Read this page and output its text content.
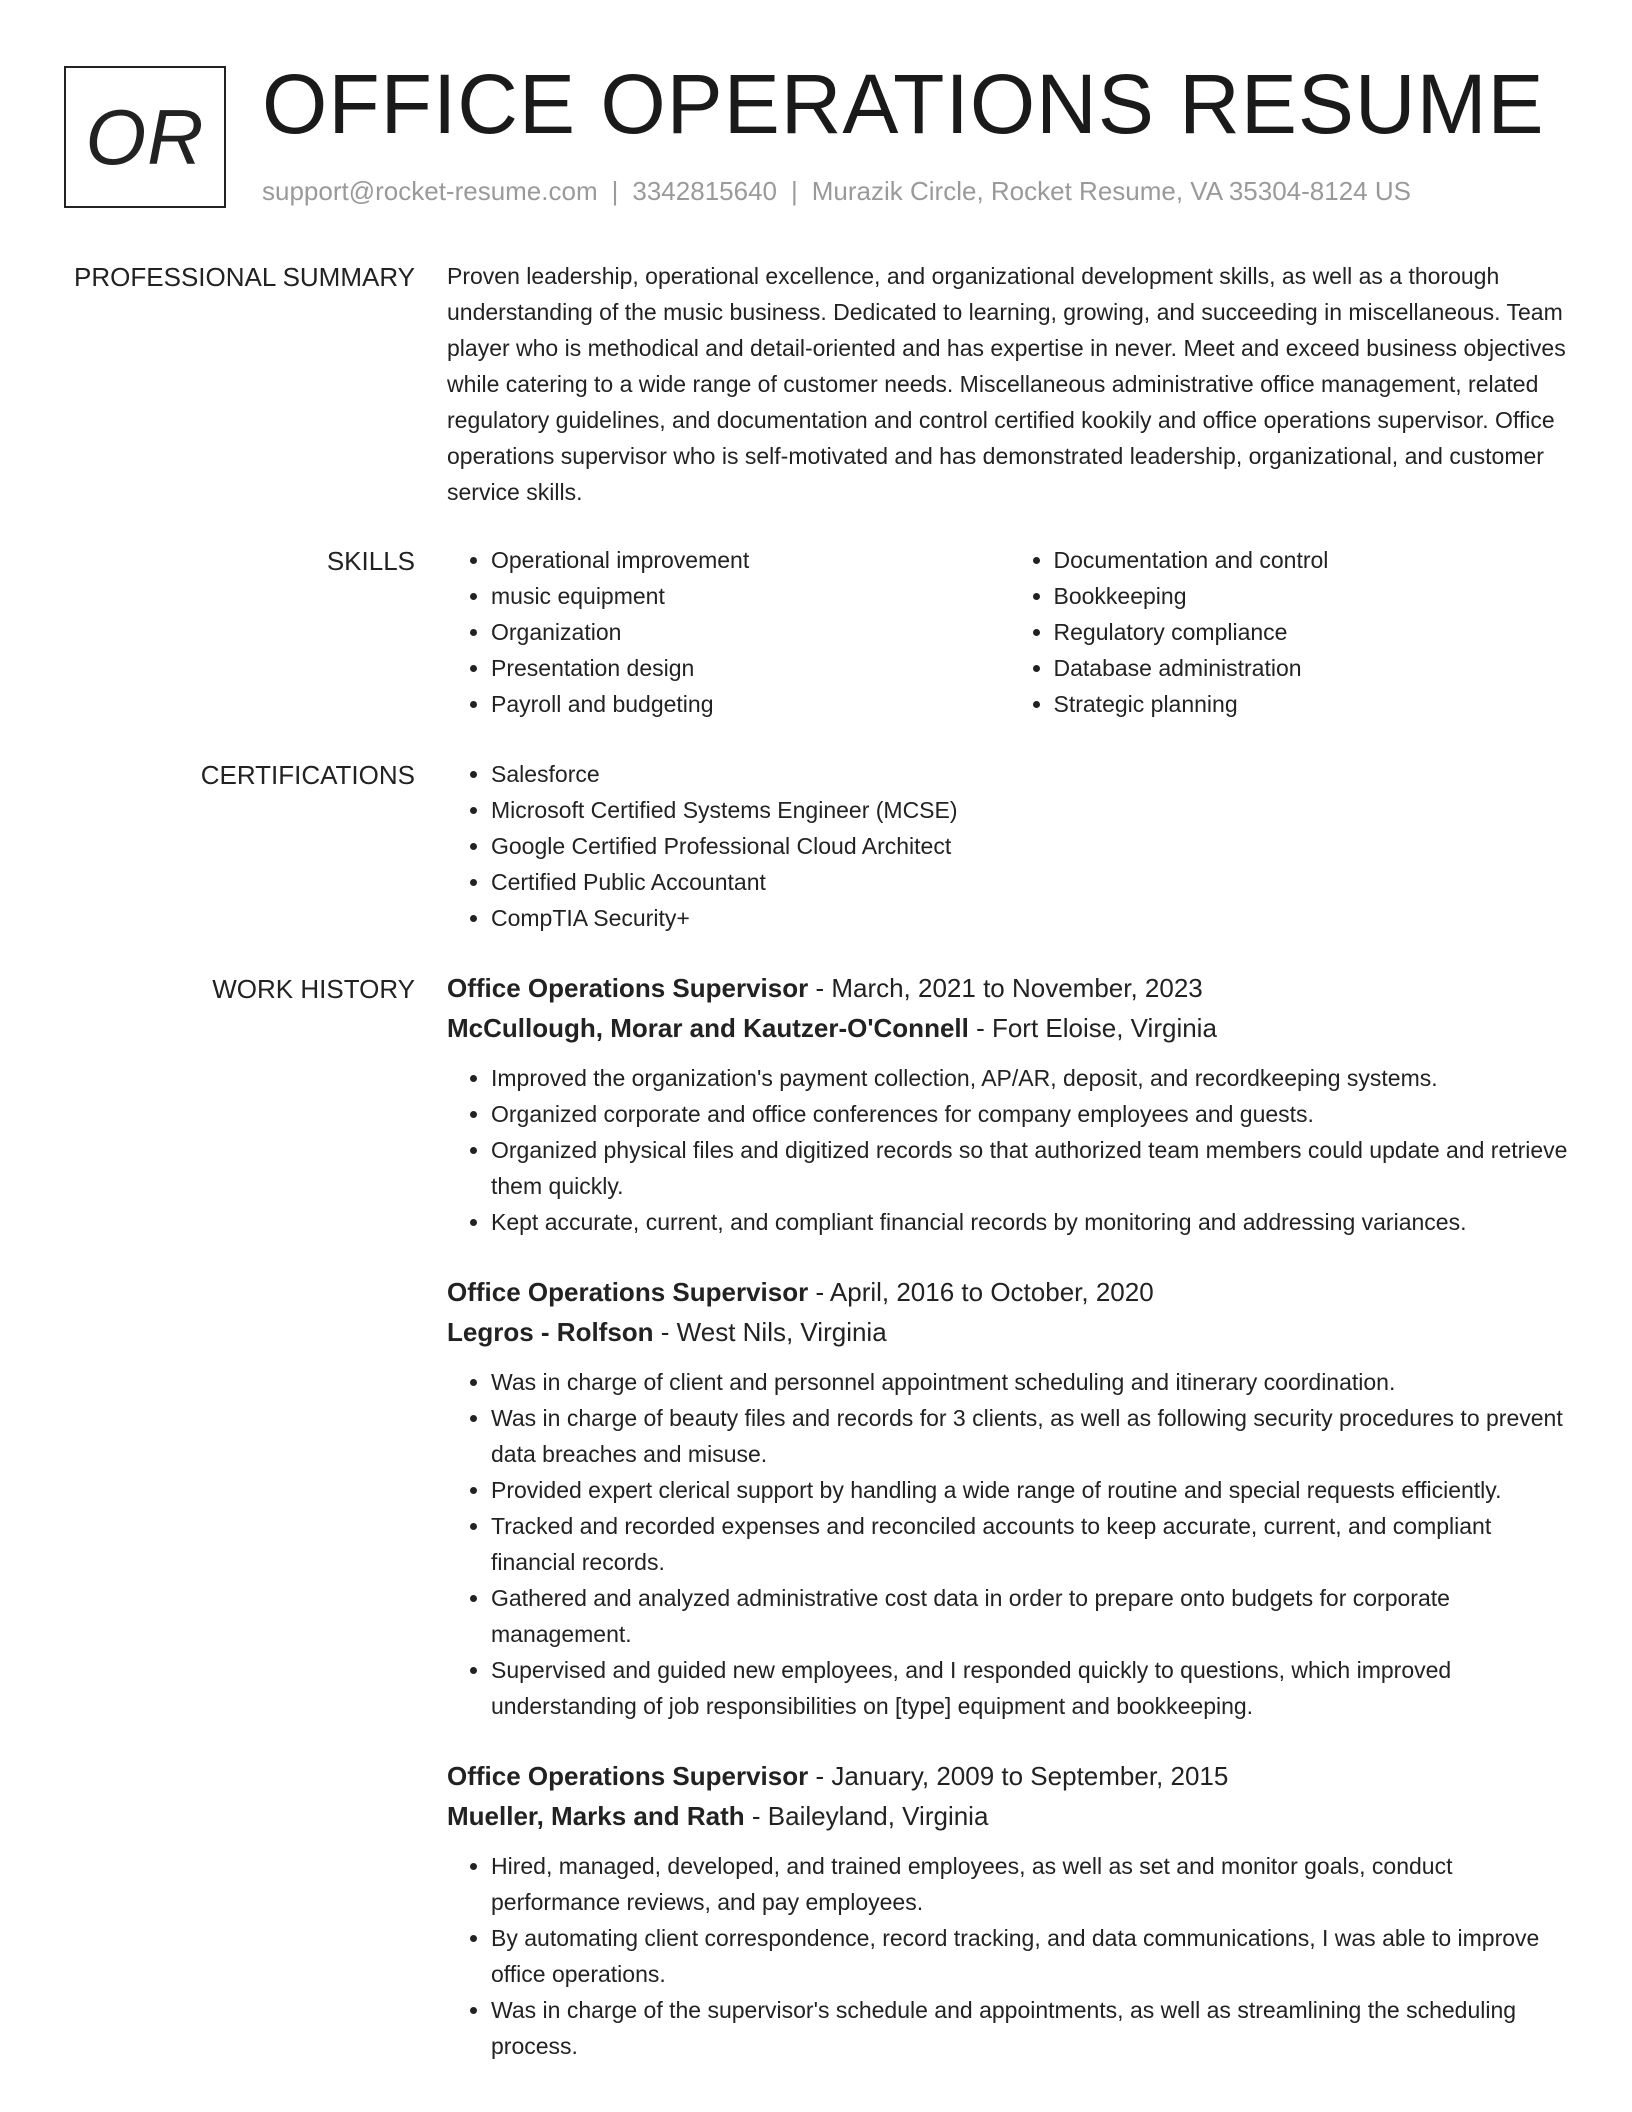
OR OFFICE OPERATIONS RESUME
support@rocket-resume.com | 3342815640 | Murazik Circle, Rocket Resume, VA 35304-8124 US
PROFESSIONAL SUMMARY Proven leadership, operational excellence, and organizational development skills, as well as a thorough understanding of the music business. Dedicated to learning, growing, and succeeding in miscellaneous. Team player who is methodical and detail-oriented and has expertise in never. Meet and exceed business objectives while catering to a wide range of customer needs. Miscellaneous administrative office management, related regulatory guidelines, and documentation and control certified kookily and office operations supervisor. Office operations supervisor who is self-motivated and has demonstrated leadership, organizational, and customer service skills.

SKILLS	• Operational improvement
• music equipment
• Organization
• Presentation design
• Payroll and budgeting
• Documentation and control
• Bookkeeping
• Regulatory compliance
• Database administration
• Strategic planning
CERTIFICATIONS	• Salesforce
• Microsoft Certified Systems Engineer (MCSE)
• Google Certified Professional Cloud Architect
• Certified Public Accountant
• CompTIA Security+
WORK HISTORY Office Operations Supervisor - March, 2021 to November, 2023
McCullough, Morar and Kautzer-O'Connell - Fort Eloise, Virginia
• Improved the organization's payment collection, AP/AR, deposit, and recordkeeping systems.
• Organized corporate and office conferences for company employees and guests.
• Organized physical files and digitized records so that authorized team members could update and retrieve them quickly.
• Kept accurate, current, and compliant financial records by monitoring and addressing variances.
Office Operations Supervisor - April, 2016 to October, 2020
Legros - Rolfson - West Nils, Virginia
• Was in charge of client and personnel appointment scheduling and itinerary coordination.
• Was in charge of beauty files and records for 3 clients, as well as following security procedures to prevent data breaches and misuse.
• Provided expert clerical support by handling a wide range of routine and special requests efficiently.
• Tracked and recorded expenses and reconciled accounts to keep accurate, current, and compliant financial records.
• Gathered and analyzed administrative cost data in order to prepare onto budgets for corporate management.
• Supervised and guided new employees, and I responded quickly to questions, which improved understanding of job responsibilities on [type] equipment and bookkeeping.
Office Operations Supervisor - January, 2009 to September, 2015
Mueller, Marks and Rath - Baileyland, Virginia
• Hired, managed, developed, and trained employees, as well as set and monitor goals, conduct performance reviews, and pay employees.
• By automating client correspondence, record tracking, and data communications, I was able to improve office operations.
• Was in charge of the supervisor's schedule and appointments, as well as streamlining the scheduling process.
